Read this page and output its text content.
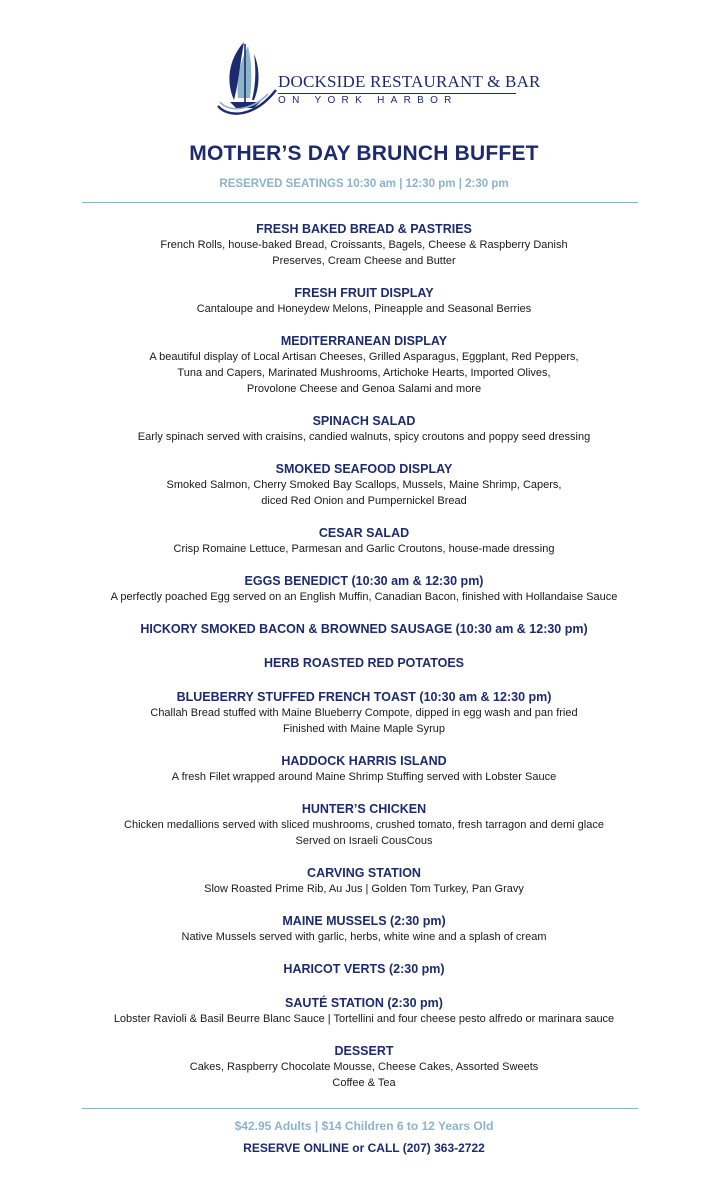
DOCKSIDE RESTAURANT & BAR
ON YORK HARBOR
MOTHER’S DAY BRUNCH BUFFET
RESERVED SEATINGS 10:30 am | 12:30 pm | 2:30 pm
FRESH BAKED BREAD & PASTRIES
French Rolls, house-baked Bread, Croissants, Bagels, Cheese & Raspberry Danish
Preserves, Cream Cheese and Butter
FRESH FRUIT DISPLAY
Cantaloupe and Honeydew Melons, Pineapple and Seasonal Berries
MEDITERRANEAN DISPLAY
A beautiful display of Local Artisan Cheeses, Grilled Asparagus, Eggplant, Red Peppers,
Tuna and Capers, Marinated Mushrooms, Artichoke Hearts, Imported Olives,
Provolone Cheese and Genoa Salami and more
SPINACH SALAD
Early spinach served with craisins, candied walnuts, spicy croutons and poppy seed dressing
SMOKED SEAFOOD DISPLAY
Smoked Salmon, Cherry Smoked Bay Scallops, Mussels, Maine Shrimp, Capers,
diced Red Onion and Pumpernickel Bread
CESAR SALAD
Crisp Romaine Lettuce, Parmesan and Garlic Croutons, house-made dressing
EGGS BENEDICT (10:30 am & 12:30 pm)
A perfectly poached Egg served on an English Muffin, Canadian Bacon, finished with Hollandaise Sauce
HICKORY SMOKED BACON & BROWNED SAUSAGE (10:30 am & 12:30 pm)
HERB ROASTED RED POTATOES
BLUEBERRY STUFFED FRENCH TOAST (10:30 am & 12:30 pm)
Challah Bread stuffed with Maine Blueberry Compote, dipped in egg wash and pan fried
Finished with Maine Maple Syrup
HADDOCK HARRIS ISLAND
A fresh Filet wrapped around Maine Shrimp Stuffing served with Lobster Sauce
HUNTER’S CHICKEN
Chicken medallions served with sliced mushrooms, crushed tomato, fresh tarragon and demi glace
Served on Israeli CousCous
CARVING STATION
Slow Roasted Prime Rib, Au Jus | Golden Tom Turkey, Pan Gravy
MAINE MUSSELS (2:30 pm)
Native Mussels served with garlic, herbs, white wine and a splash of cream
HARICOT VERTS (2:30 pm)
SAUTÉ STATION (2:30 pm)
Lobster Ravioli & Basil Beurre Blanc Sauce | Tortellini and four cheese pesto alfredo or marinara sauce
DESSERT
Cakes, Raspberry Chocolate Mousse, Cheese Cakes, Assorted Sweets
Coffee & Tea
$42.95 Adults | $14 Children 6 to 12 Years Old
RESERVE ONLINE or CALL (207) 363-2722
